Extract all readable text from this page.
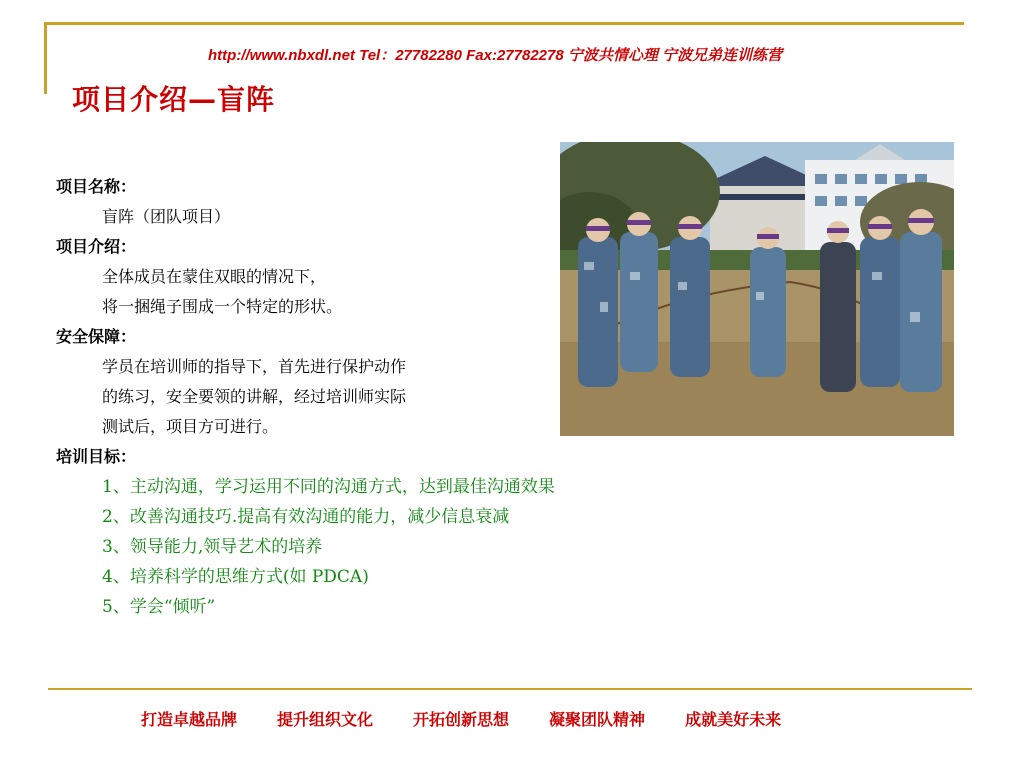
http://www.nbxdl.net Tel：27782280 Fax:27782278 宁波共情心理 宁波兄弟连训练营
项目介绍—盲阵
项目名称：
盲阵（团队项目）
项目介绍：
全体成员在蒙住双眼的情况下，
将一捆绳子围成一个特定的形状。
安全保障：
学员在培训师的指导下，首先进行保护动作
的练习，安全要领的讲解，经过培训师实际
测试后，项目方可进行。
培训目标：
1、主动沟通，学习运用不同的沟通方式，达到最佳沟通效果
2、改善沟通技巧.提高有效沟通的能力，减少信息衰减
3、领导能力,领导艺术的培养
4、培养科学的思维方式(如 PDCA)
5、学会“倾听”
打造卓越品牌	提升组织文化	开拓创新思想	凝聚团队精神	成就美好未来
